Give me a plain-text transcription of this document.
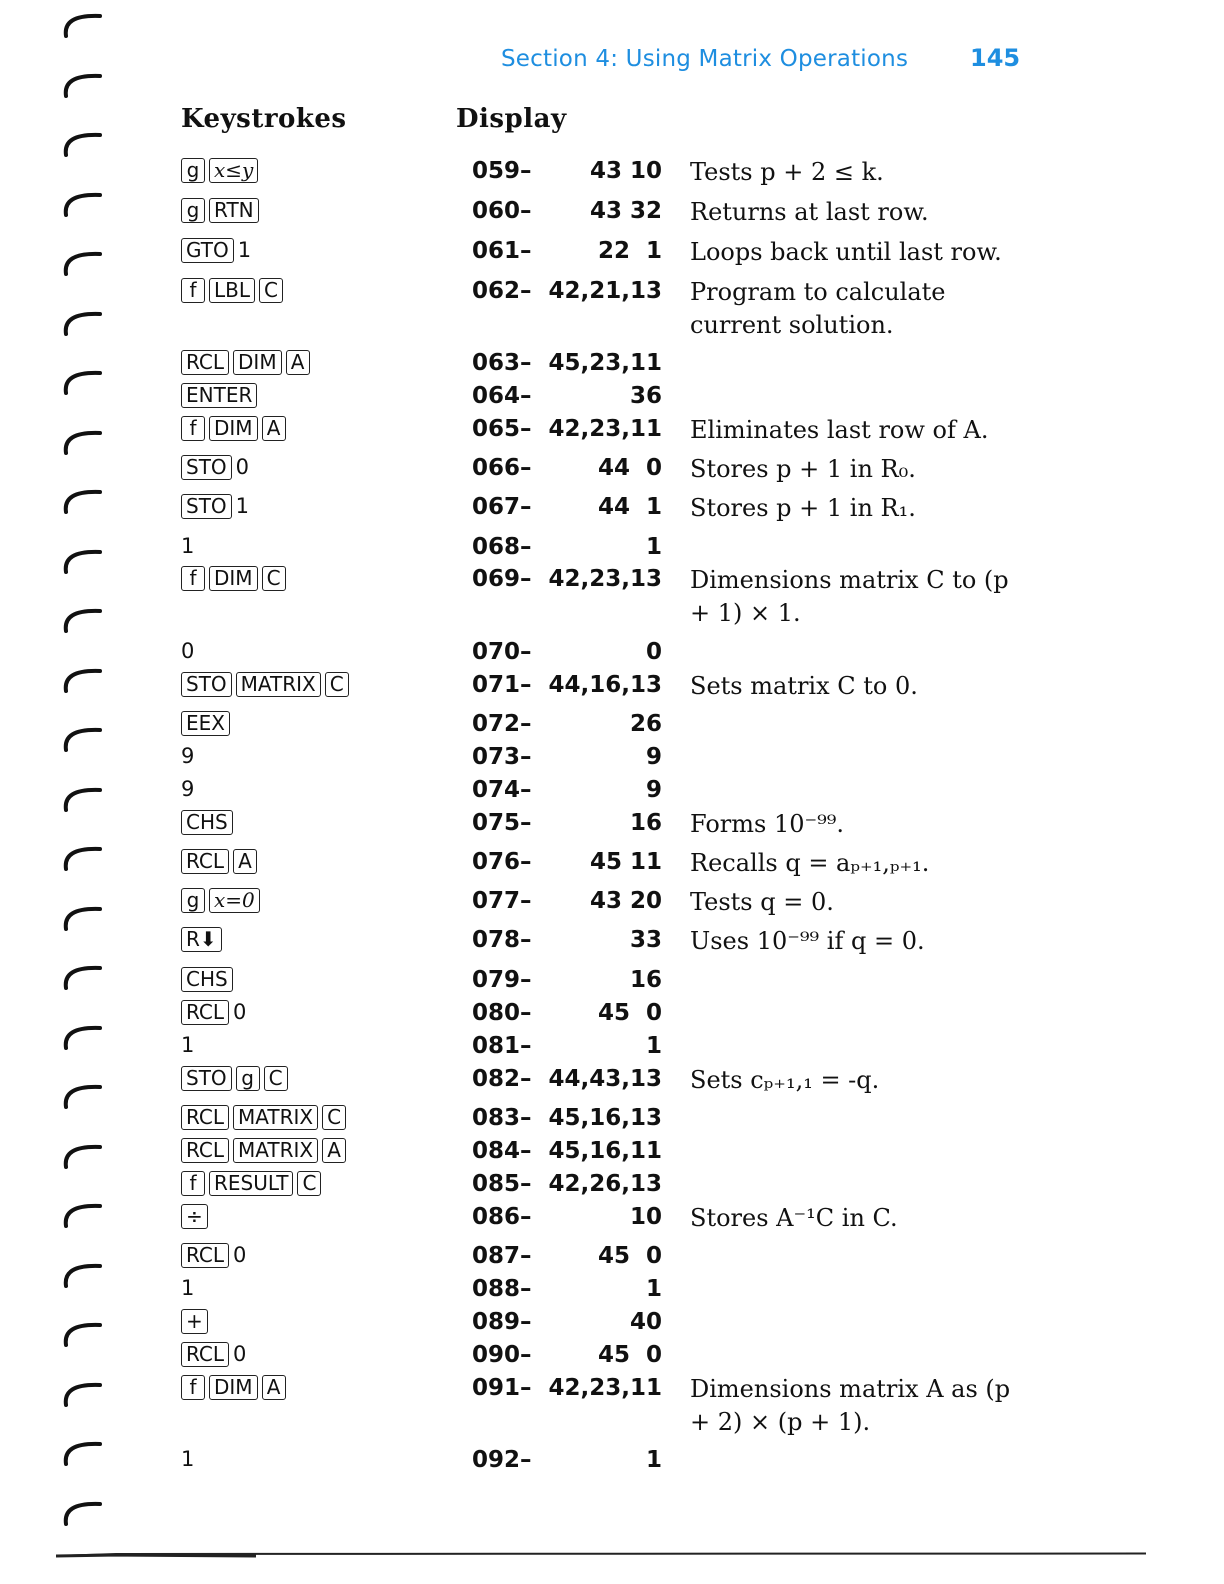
Section 4: Using Matrix Operations	145
Keystrokes	Display
g x≤y	059–	43 10 Tests p + 2 ≤ k.
g RTN	060–	43 32 Returns at last row.
GTO 1	061–	22  1 Loops back until last row.
f LBL C	062– 42,21,13 Program to calculate current solution.
RCL DIM A	063– 45,23,11
ENTER	064–	36
f DIM A	065– 42,23,11 Eliminates last row of A.
STO 0	066–	44  0 Stores p + 1 in R₀.
STO 1	067–	44  1 Stores p + 1 in R₁.
1	068–	1
f DIM C	069– 42,23,13 Dimensions matrix C to (p + 1) × 1.
0	070–	0
STO MATRIX C	071– 44,16,13 Sets matrix C to 0.
EEX	072–	26
9	073–	9
9	074–	9
CHS	075–	16 Forms 10⁻⁹⁹.
RCL A	076–	45 11 Recalls q = aₚ₊₁,ₚ₊₁.
g x=0	077–	43 20 Tests q = 0.
R⬇	078–	33 Uses 10⁻⁹⁹ if q = 0.
CHS	079–	16
RCL 0	080–	45  0
1	081–	1
STO g C	082– 44,43,13 Sets cₚ₊₁,₁ = -q.
RCL MATRIX C	083– 45,16,13
RCL MATRIX A	084– 45,16,11
f RESULT C	085– 42,26,13
÷	086–	10 Stores A⁻¹C in C.
RCL 0	087–	45  0
1	088–	1
+	089–	40
RCL 0	090–	45  0
f DIM A	091– 42,23,11 Dimensions matrix A as (p + 2) × (p + 1).
1	092–	1
